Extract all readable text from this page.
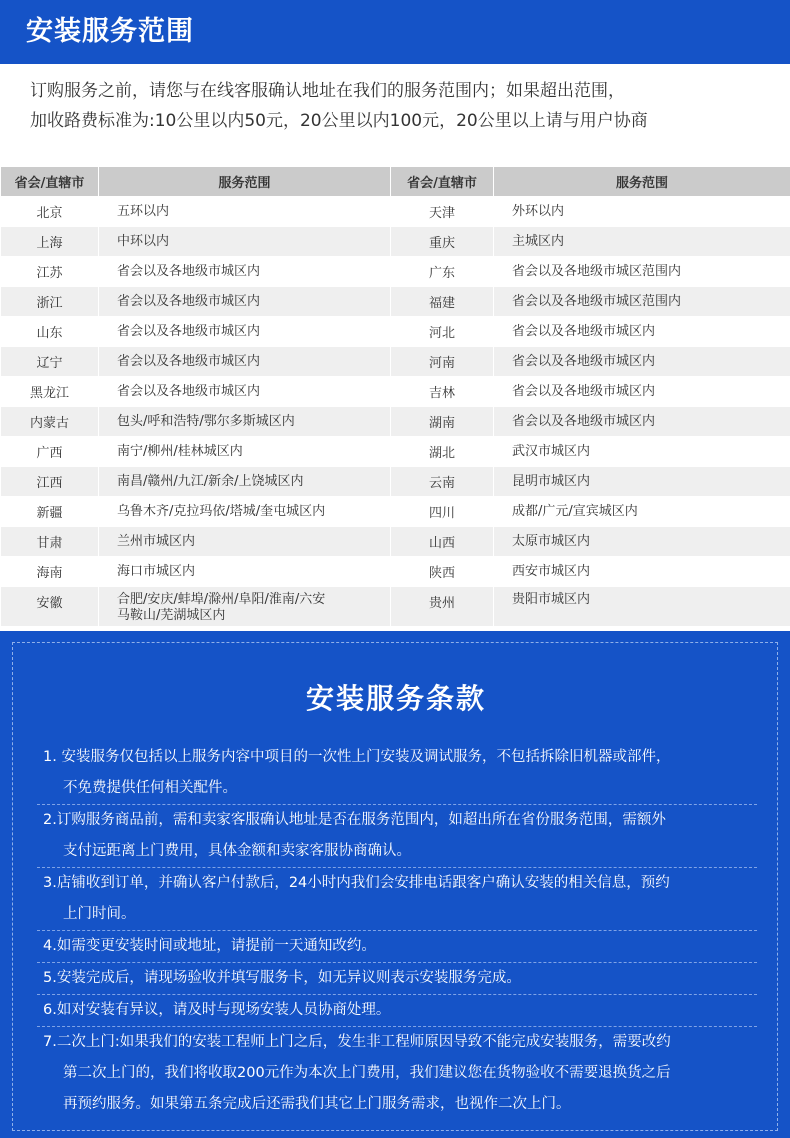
安装服务范围
订购服务之前，请您与在线客服确认地址在我们的服务范围内；如果超出范围，
加收路费标准为:10公里以内50元，20公里以内100元，20公里以上请与用户协商
省会/直辖市	服务范围	省会/直辖市	服务范围
北京	五环以内	天津	外环以内
上海	中环以内	重庆	主城区内
江苏	省会以及各地级市城区内	广东	省会以及各地级市城区范围内
浙江	省会以及各地级市城区内	福建	省会以及各地级市城区范围内
山东	省会以及各地级市城区内	河北	省会以及各地级市城区内
辽宁	省会以及各地级市城区内	河南	省会以及各地级市城区内
黑龙江	省会以及各地级市城区内	吉林	省会以及各地级市城区内
内蒙古	包头/呼和浩特/鄂尔多斯城区内	湖南	省会以及各地级市城区内
广西	南宁/柳州/桂林城区内	湖北	武汉市城区内
江西	南昌/赣州/九江/新余/上饶城区内	云南	昆明市城区内
新疆	乌鲁木齐/克拉玛依/塔城/奎屯城区内	四川	成都/广元/宣宾城区内
甘肃	兰州市城区内	山西	太原市城区内
海南	海口市城区内	陕西	西安市城区内
安徽	合肥/安庆/蚌埠/滁州/阜阳/淮南/六安
马鞍山/芜湖城区内	贵州	贵阳市城区内
安装服务条款
1. 安装服务仅包括以上服务内容中项目的一次性上门安装及调试服务，不包括拆除旧机器或部件，
不免费提供任何相关配件。
2.订购服务商品前，需和卖家客服确认地址是否在服务范围内，如超出所在省份服务范围，需额外
支付远距离上门费用，具体金额和卖家客服协商确认。
3.店铺收到订单，并确认客户付款后，24小时内我们会安排电话跟客户确认安装的相关信息，预约
上门时间。
4.如需变更安装时间或地址，请提前一天通知改约。
5.安装完成后，请现场验收并填写服务卡，如无异议则表示安装服务完成。
6.如对安装有异议，请及时与现场安装人员协商处理。
7.二次上门:如果我们的安装工程师上门之后，发生非工程师原因导致不能完成安装服务，需要改约
第二次上门的，我们将收取200元作为本次上门费用，我们建议您在货物验收不需要退换货之后
再预约服务。如果第五条完成后还需我们其它上门服务需求，也视作二次上门。
